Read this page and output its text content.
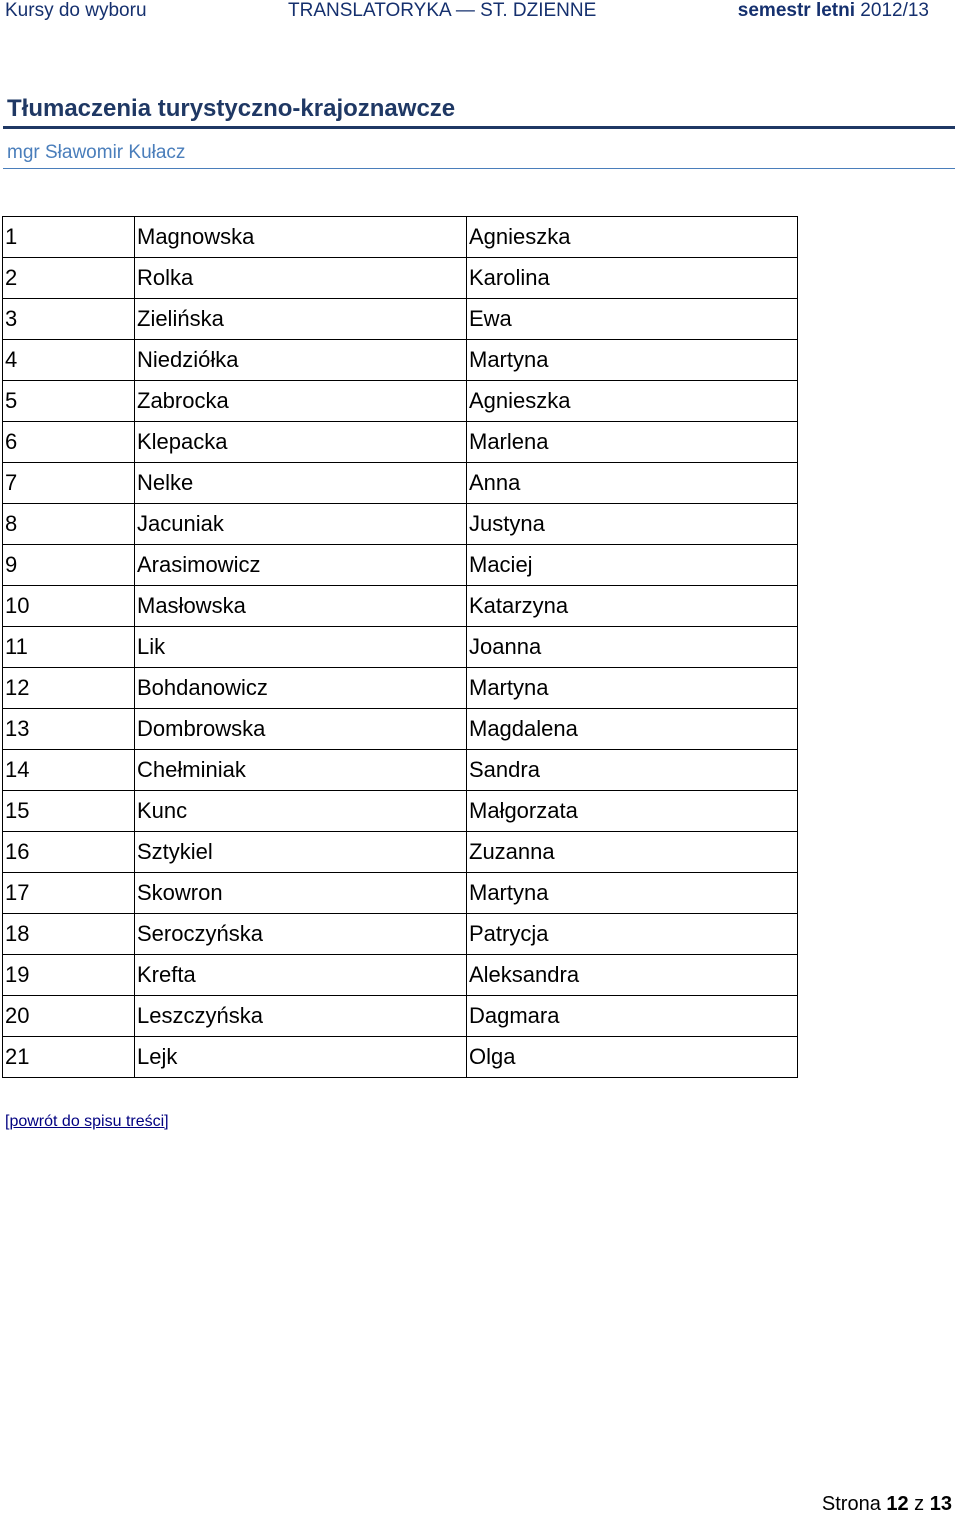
Kursy do wyboru	TRANSLATORYKA — ST. DZIENNE	semestr letni 2012/13
Tłumaczenia turystyczno-krajoznawcze
mgr Sławomir Kułacz
1	Magnowska	Agnieszka
2	Rolka	Karolina
3	Zielińska	Ewa
4	Niedziółka	Martyna
5	Zabrocka	Agnieszka
6	Klepacka	Marlena
7	Nelke	Anna
8	Jacuniak	Justyna
9	Arasimowicz	Maciej
10	Masłowska	Katarzyna
11	Lik	Joanna
12	Bohdanowicz	Martyna
13	Dombrowska	Magdalena
14	Chełminiak	Sandra
15	Kunc	Małgorzata
16	Sztykiel	Zuzanna
17	Skowron	Martyna
18	Seroczyńska	Patrycja
19	Krefta	Aleksandra
20	Leszczyńska	Dagmara
21	Lejk	Olga
[powrót do spisu treści]
Strona 12 z 13
